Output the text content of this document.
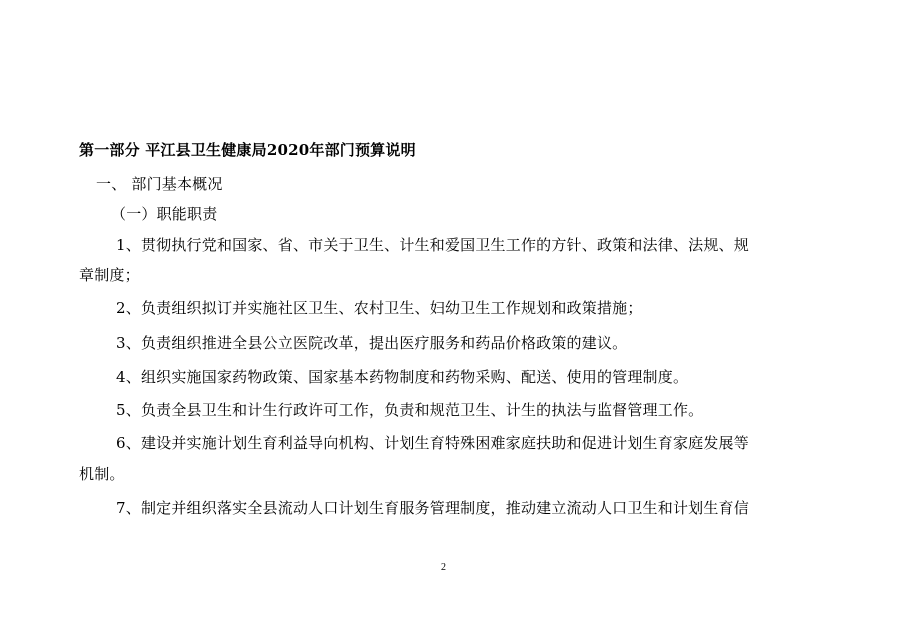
第一部分 平江县卫生健康局2020年部门预算说明
一、 部门基本概况
（一）职能职责
1、贯彻执行党和国家、省、市关于卫生、计生和爱国卫生工作的方针、政策和法律、法规、规
章制度；
2、负责组织拟订并实施社区卫生、农村卫生、妇幼卫生工作规划和政策措施；
3、负责组织推进全县公立医院改革，提出医疗服务和药品价格政策的建议。
4、组织实施国家药物政策、国家基本药物制度和药物采购、配送、使用的管理制度。
5、负责全县卫生和计生行政许可工作，负责和规范卫生、计生的执法与监督管理工作。
6、建设并实施计划生育利益导向机构、计划生育特殊困难家庭扶助和促进计划生育家庭发展等
机制。
7、制定并组织落实全县流动人口计划生育服务管理制度，推动建立流动人口卫生和计划生育信
2
